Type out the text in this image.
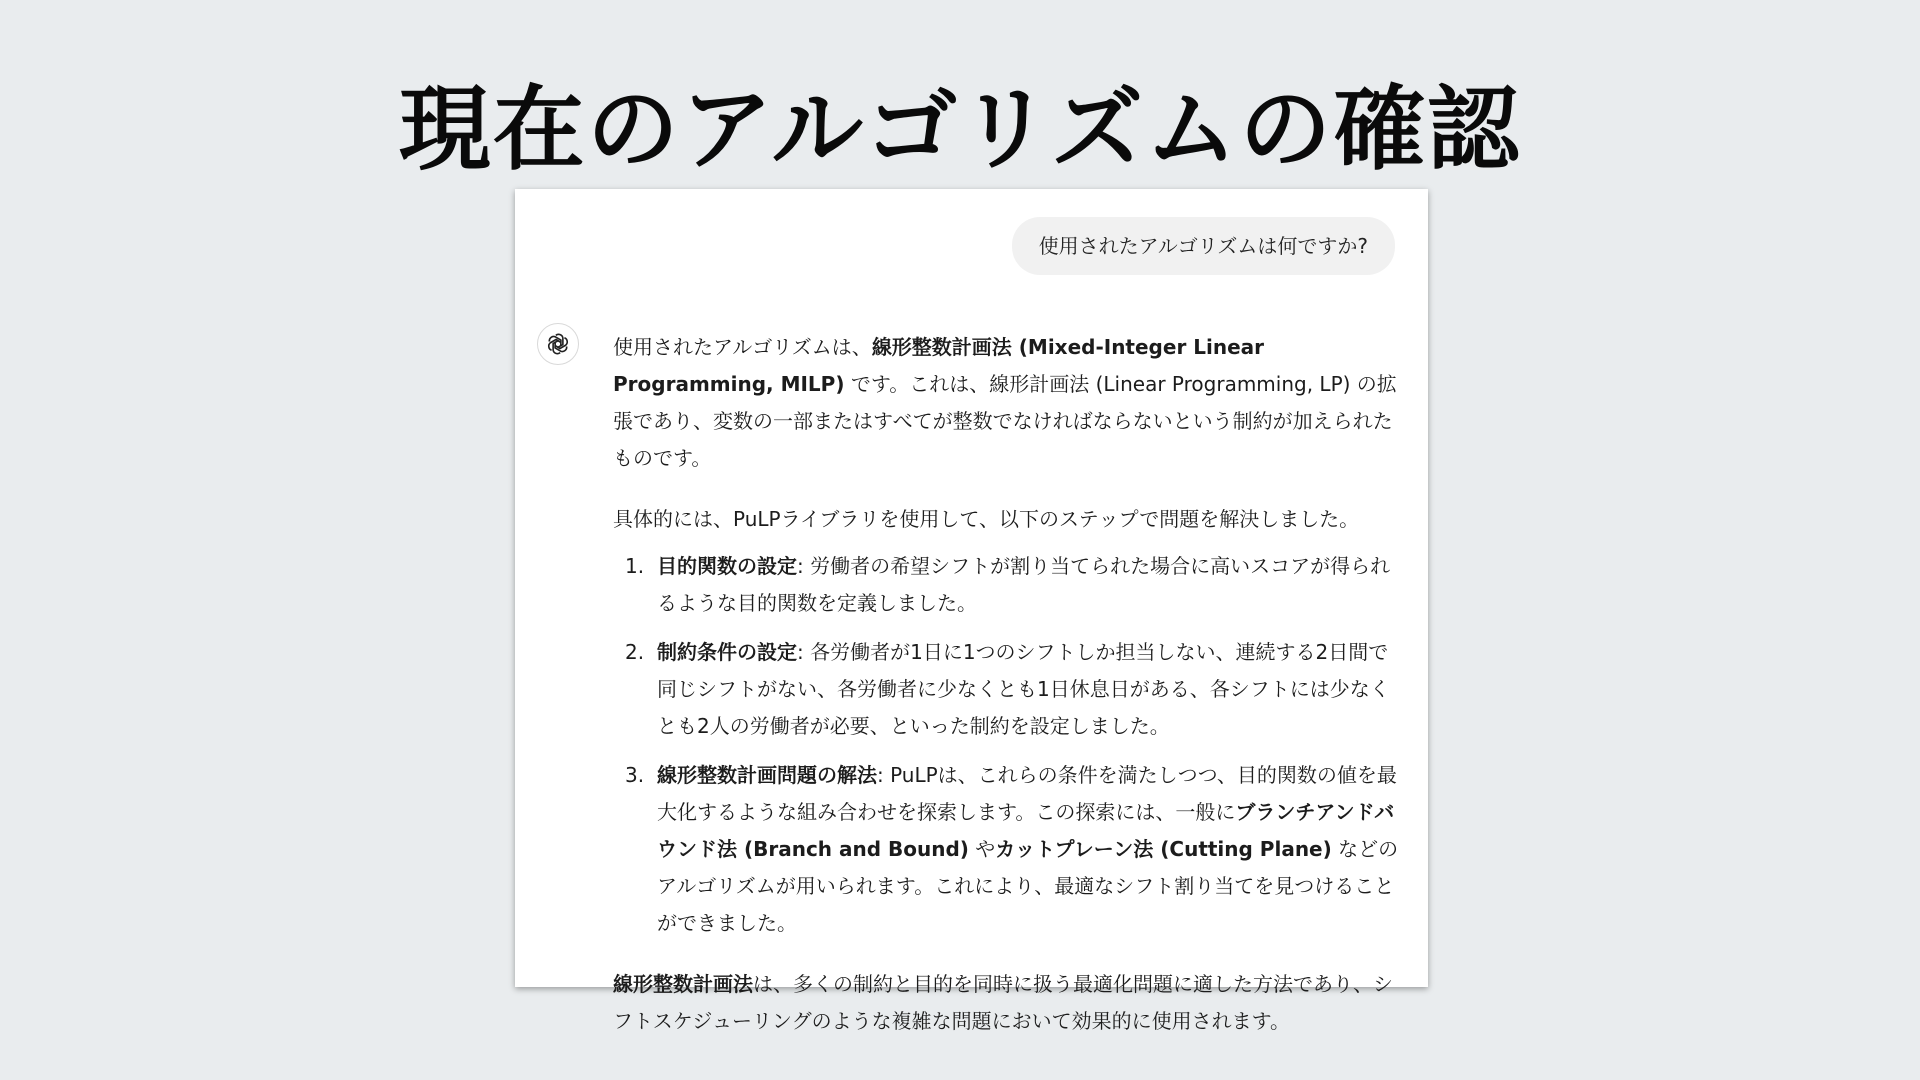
現在のアルゴリズムの確認
使用されたアルゴリズムは何ですか?

使用されたアルゴリズムは、線形整数計画法 (Mixed-Integer Linear Programming, MILP) です。これは、線形計画法 (Linear Programming, LP) の拡張であり、変数の一部またはすべてが整数でなければならないという制約が加えられたものです。

具体的には、PuLPライブラリを使用して、以下のステップで問題を解決しました。

1. 目的関数の設定: 労働者の希望シフトが割り当てられた場合に高いスコアが得られるような目的関数を定義しました。
2. 制約条件の設定: 各労働者が1日に1つのシフトしか担当しない、連続する2日間で同じシフトがない、各労働者に少なくとも1日休息日がある、各シフトには少なくとも2人の労働者が必要、といった制約を設定しました。
3. 線形整数計画問題の解法: PuLPは、これらの条件を満たしつつ、目的関数の値を最大化するような組み合わせを探索します。この探索には、一般にブランチアンドバウンド法 (Branch and Bound) やカットプレーン法 (Cutting Plane) などのアルゴリズムが用いられます。これにより、最適なシフト割り当てを見つけることができました。

線形整数計画法は、多くの制約と目的を同時に扱う最適化問題に適した方法であり、シフトスケジューリングのような複雑な問題において効果的に使用されます。
